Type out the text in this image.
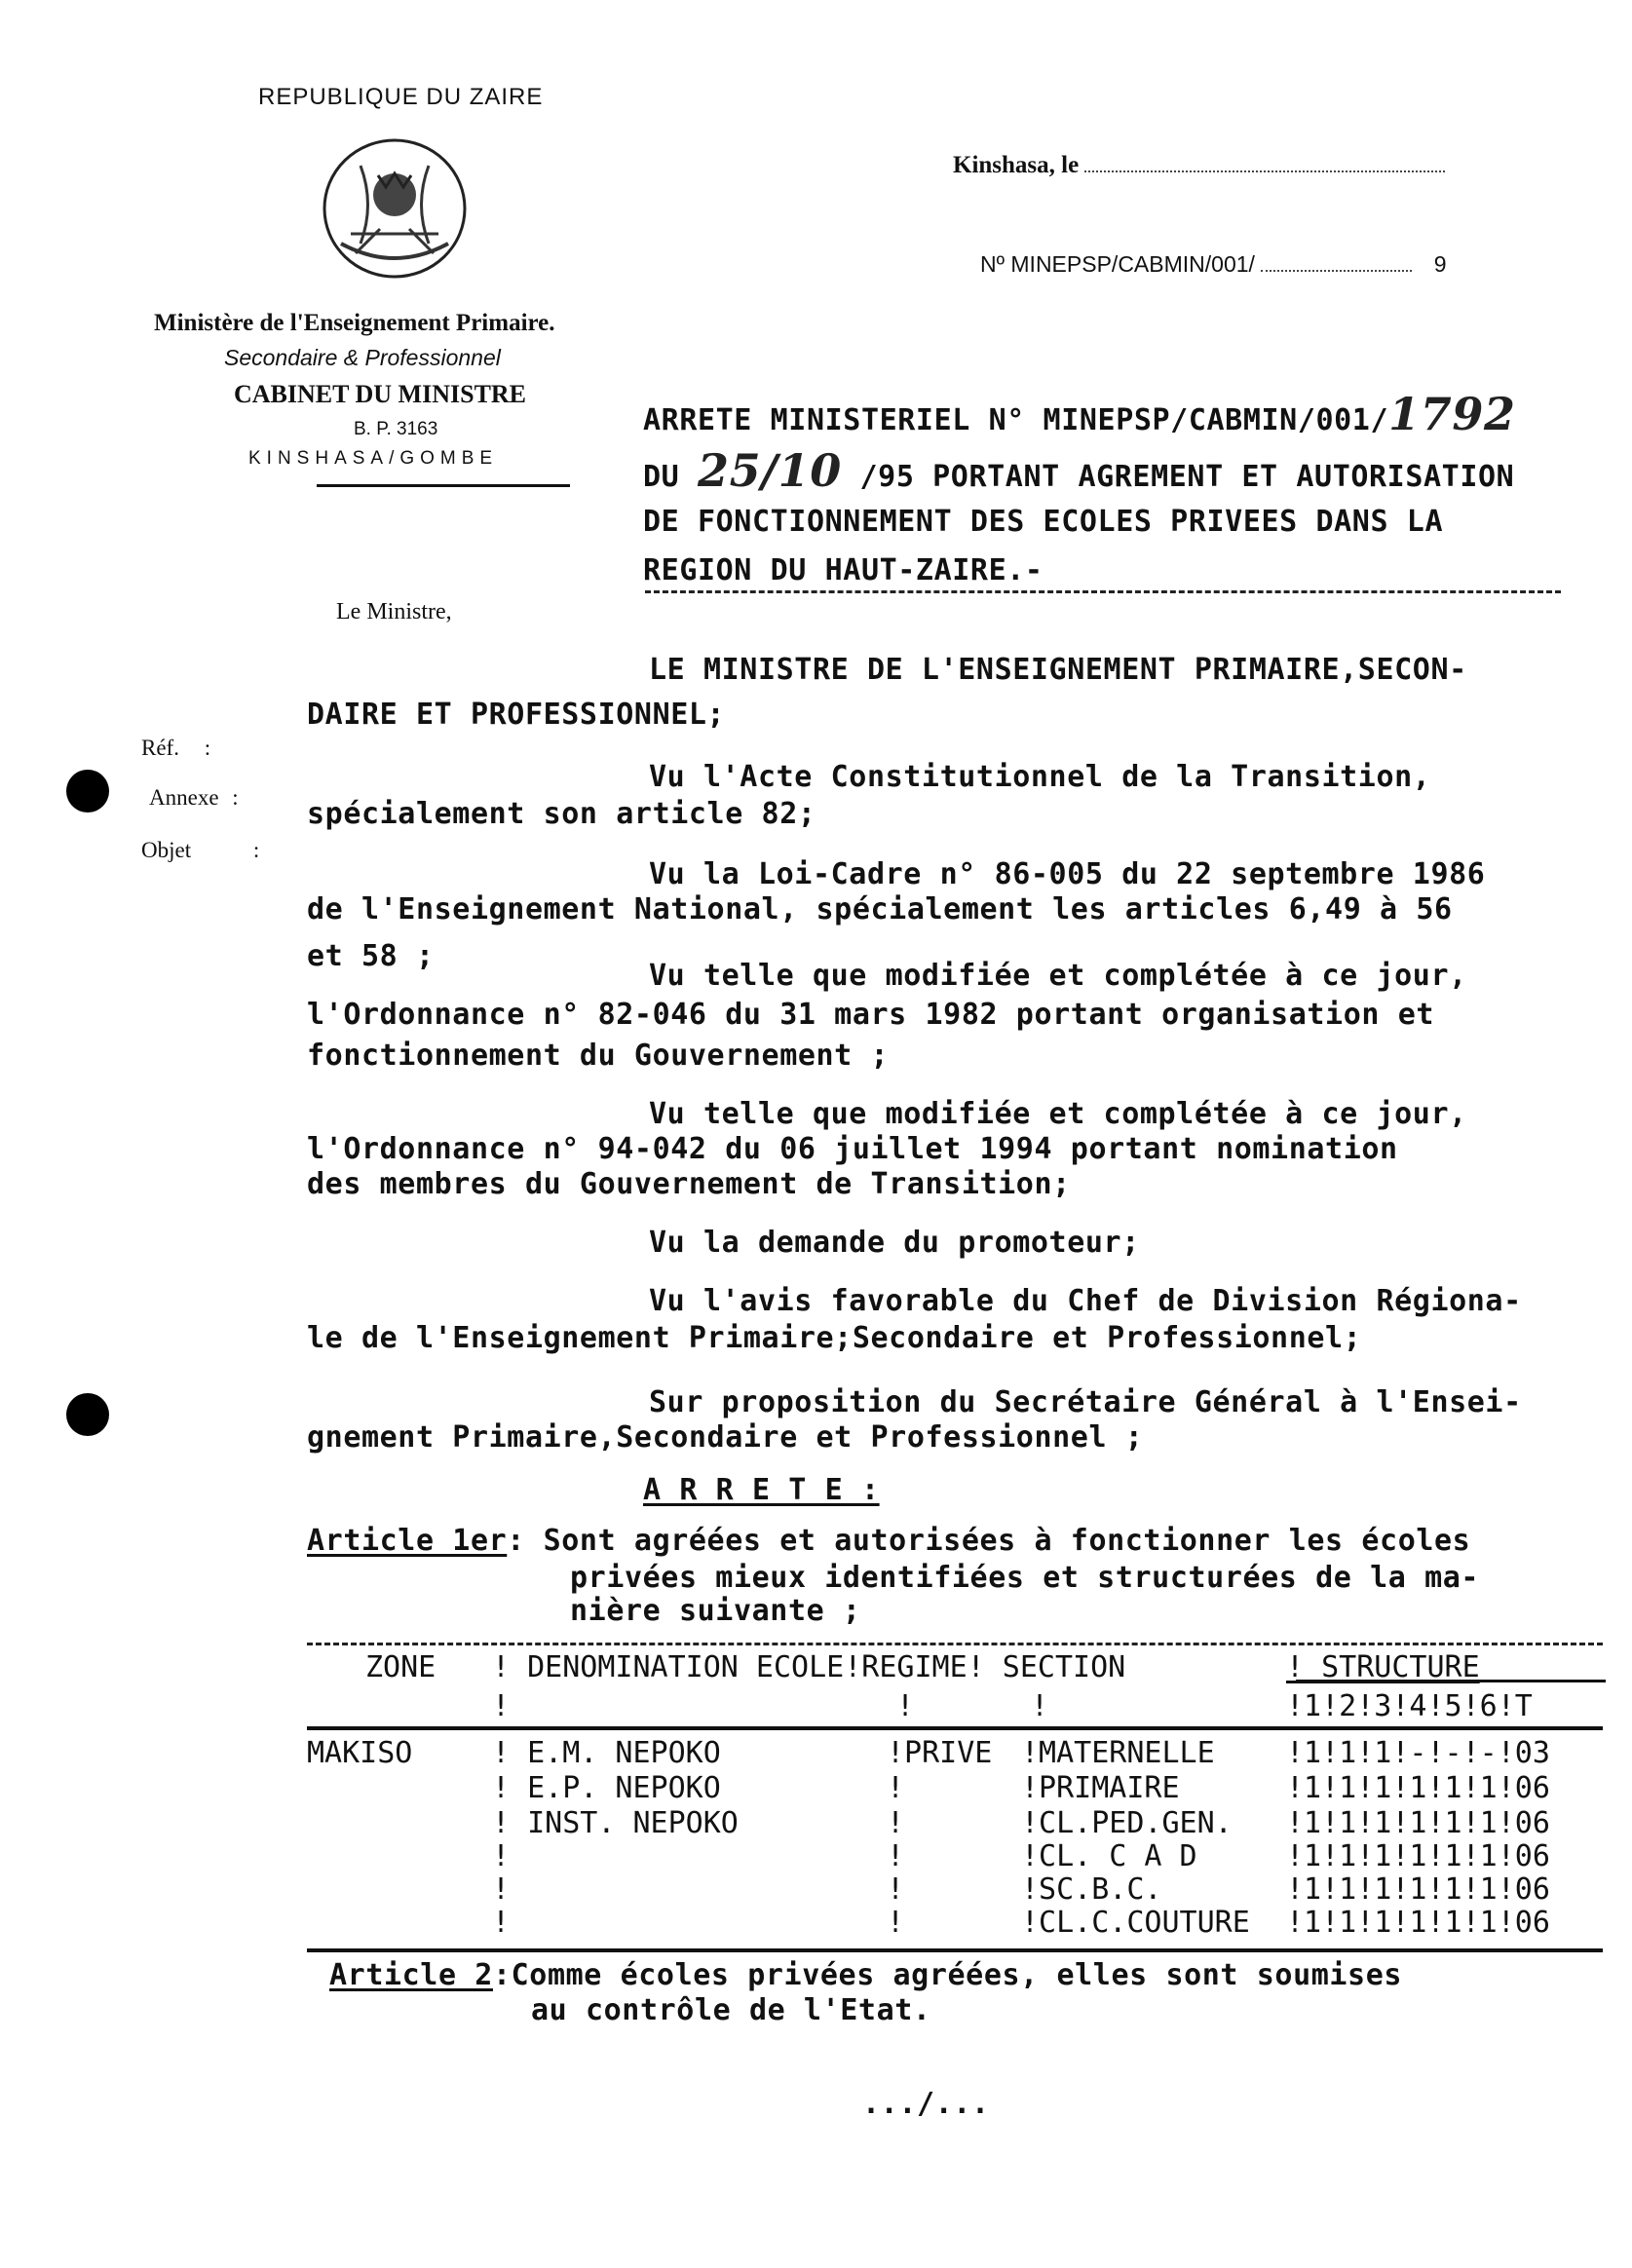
REPUBLIQUE DU ZAIRE
Ministère de l'Enseignement Primaire.
Secondaire & Professionnel
CABINET DU MINISTRE
B. P. 3163
KINSHASA/GOMBE
Kinshasa, le
Nº MINEPSP/CABMIN/001/	9
ARRETE MINISTERIEL N° MINEPSP/CABMIN/001/1792
DU 25/10 /95 PORTANT AGREMENT ET AUTORISATION
DE FONCTIONNEMENT DES ECOLES PRIVEES DANS LA
REGION DU HAUT-ZAIRE.-
Le Ministre,
Réf. :
Annexe :
Objet	:
LE MINISTRE DE L'ENSEIGNEMENT PRIMAIRE,SECON-
DAIRE ET PROFESSIONNEL;
Vu l'Acte Constitutionnel de la Transition,
spécialement son article 82;
Vu la Loi-Cadre n° 86-005 du 22 septembre 1986
de l'Enseignement National, spécialement les articles 6,49 à 56
et 58 ;
Vu telle que modifiée et complétée à ce jour,
l'Ordonnance n° 82-046 du 31 mars 1982 portant organisation et
fonctionnement du Gouvernement ;
Vu telle que modifiée et complétée à ce jour,
l'Ordonnance n° 94-042 du 06 juillet 1994 portant nomination
des membres du Gouvernement de Transition;
Vu la demande du promoteur;
Vu l'avis favorable du Chef de Division Régiona-
le de l'Enseignement Primaire;Secondaire et Professionnel;
Sur proposition du Secrétaire Général à l'Ensei-
gnement Primaire,Secondaire et Professionnel ;
A R R E T E :
Article 1er: Sont agréées et autorisées à fonctionner les écoles
privées mieux identifiées et structurées de la ma-
nière suivante ;
ZONE ! DENOMINATION ECOLE!REGIME! SECTION	! STRUCTURE
!	!	!	!1!2!3!4!5!6!T
MAKISO	! E.M. NEPOKO	!PRIVE !MATERNELLE !1!1!1!-!-!-!03
! E.P. NEPOKO	!	!PRIMAIRE	!1!1!1!1!1!1!06
! INST. NEPOKO	!	!CL.PED.GEN. !1!1!1!1!1!1!06
!	!	!CL. C A D	!1!1!1!1!1!1!06
!	!	!SC.B.C.	!1!1!1!1!1!1!06
!	!	!CL.C.COUTURE !1!1!1!1!1!1!06
Article 2:Comme écoles privées agréées, elles sont soumises
au contrôle de l'Etat.
.../...
